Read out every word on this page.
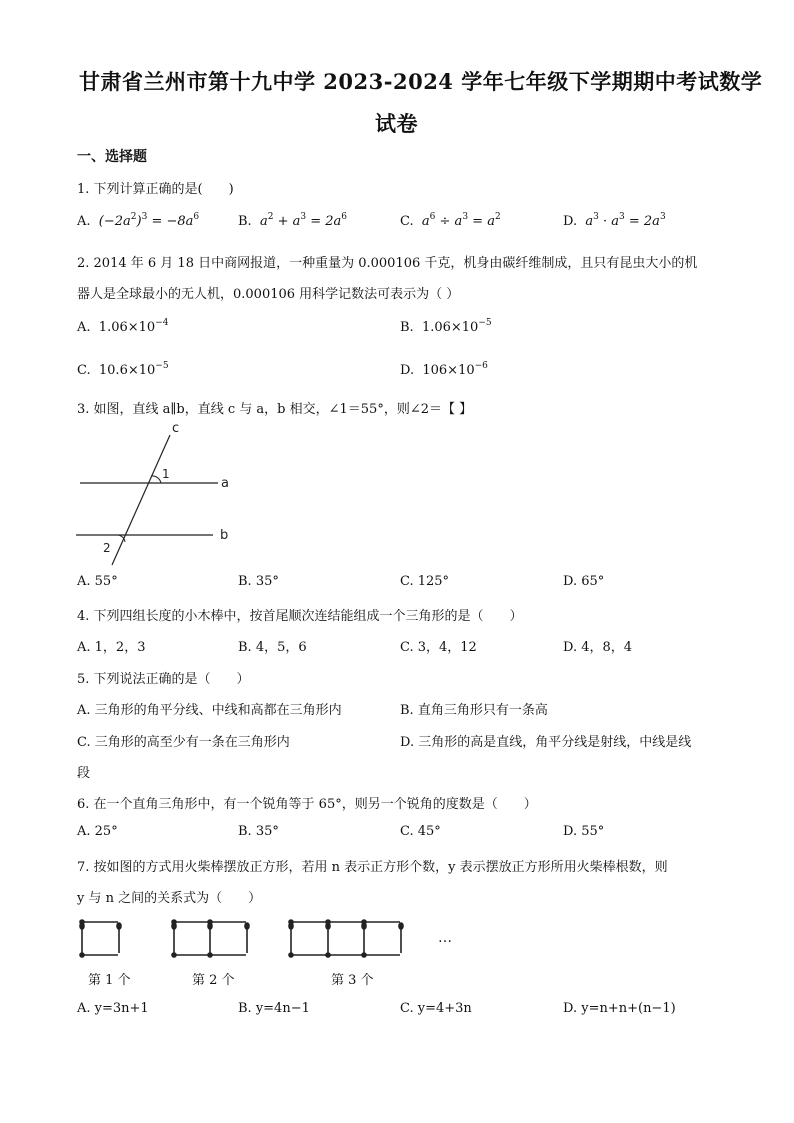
甘肃省兰州市第十九中学 2023-2024 学年七年级下学期期中考试数学
试卷
一、选择题
1. 下列计算正确的是(　　)
A. $(-2a^2)^3 = -8a^6$	B. $a^2 + a^3 = 2a^6$	C. $a^6 \div a^3 = a^2$	D. $a^3 \cdot a^3 = 2a^3$
2. 2014 年 6 月 18 日中商网报道，一种重量为 0.000106 千克，机身由碳纤维制成，且只有昆虫大小的机
器人是全球最小的无人机，0.000106 用科学记数法可表示为（ ）
A. $1.06\times 10^{-4}$	B. $1.06\times 10^{-5}$
C. $10.6\times 10^{-5}$	D. $106\times 10^{-6}$
3. 如图，直线 a∥b，直线 c 与 a，b 相交，∠1＝55°，则∠2＝【 】
c
a
b
1
2
A. 55°	B. 35°	C. 125°	D. 65°
4. 下列四组长度的小木棒中，按首尾顺次连结能组成一个三角形的是（　　）
A. 1，2，3	B. 4，5，6	C. 3，4，12	D. 4，8，4
5. 下列说法正确的是（　　）
A. 三角形的角平分线、中线和高都在三角形内	B. 直角三角形只有一条高
C. 三角形的高至少有一条在三角形内	D. 三角形的高是直线，角平分线是射线，中线是线
段
6. 在一个直角三角形中，有一个锐角等于 65°，则另一个锐角的度数是（　　）
A. 25°	B. 35°	C. 45°	D. 55°
7. 按如图的方式用火柴棒摆放正方形，若用 n 表示正方形个数，y 表示摆放正方形所用火柴棒根数，则
y 与 n 之间的关系式为（　　）
…
第 1 个	第 2 个	第 3 个
A. y=3n+1	B. y=4n−1	C. y=4+3n	D. y=n+n+(n−1)
